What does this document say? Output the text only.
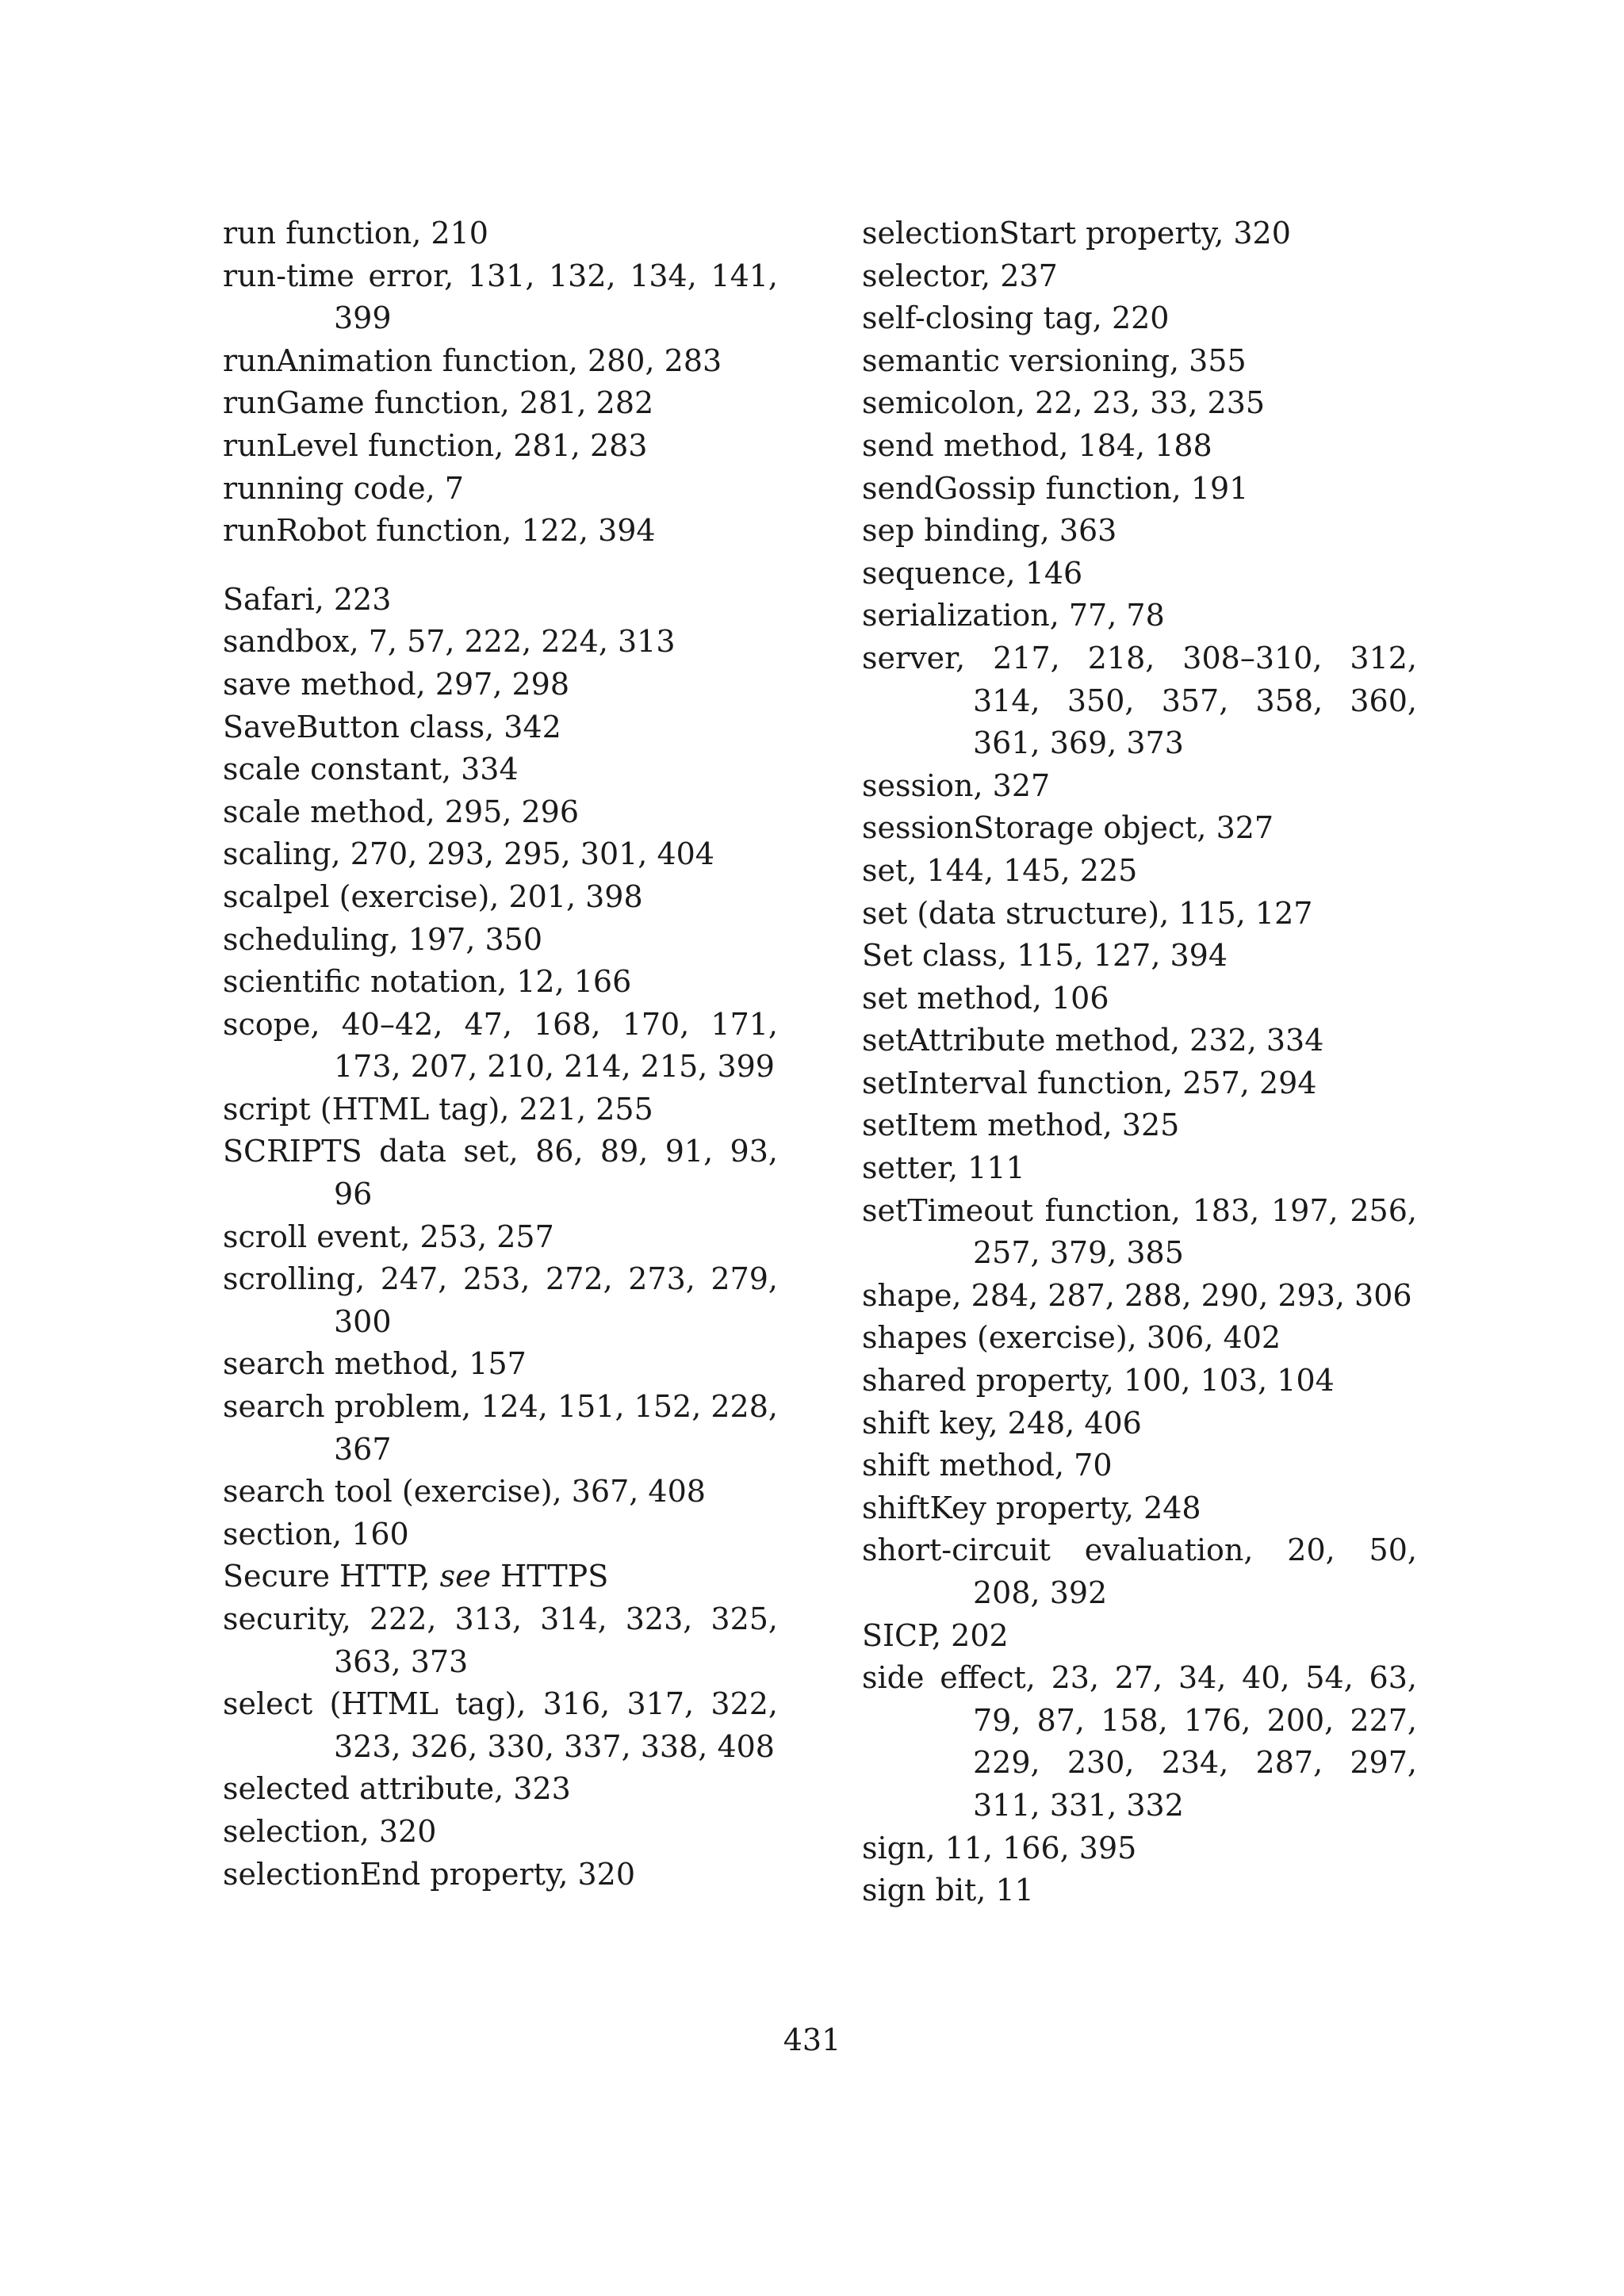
run function, 210
run-time error, 131, 132, 134, 141, 399
runAnimation function, 280, 283
runGame function, 281, 282
runLevel function, 281, 283
running code, 7
runRobot function, 122, 394
Safari, 223
sandbox, 7, 57, 222, 224, 313
save method, 297, 298
SaveButton class, 342
scale constant, 334
scale method, 295, 296
scaling, 270, 293, 295, 301, 404
scalpel (exercise), 201, 398
scheduling, 197, 350
scientific notation, 12, 166
scope, 40–42, 47, 168, 170, 171, 173, 207, 210, 214, 215, 399
script (HTML tag), 221, 255
SCRIPTS data set, 86, 89, 91, 93, 96
scroll event, 253, 257
scrolling, 247, 253, 272, 273, 279, 300
search method, 157
search problem, 124, 151, 152, 228, 367
search tool (exercise), 367, 408
section, 160
Secure HTTP, see HTTPS
security, 222, 313, 314, 323, 325, 363, 373
select (HTML tag), 316, 317, 322, 323, 326, 330, 337, 338, 408
selected attribute, 323
selection, 320
selectionEnd property, 320
selectionStart property, 320
selector, 237
self-closing tag, 220
semantic versioning, 355
semicolon, 22, 23, 33, 235
send method, 184, 188
sendGossip function, 191
sep binding, 363
sequence, 146
serialization, 77, 78
server, 217, 218, 308–310, 312, 314, 350, 357, 358, 360, 361, 369, 373
session, 327
sessionStorage object, 327
set, 144, 145, 225
set (data structure), 115, 127
Set class, 115, 127, 394
set method, 106
setAttribute method, 232, 334
setInterval function, 257, 294
setItem method, 325
setter, 111
setTimeout function, 183, 197, 256, 257, 379, 385
shape, 284, 287, 288, 290, 293, 306
shapes (exercise), 306, 402
shared property, 100, 103, 104
shift key, 248, 406
shift method, 70
shiftKey property, 248
short-circuit evaluation, 20, 50, 208, 392
SICP, 202
side effect, 23, 27, 34, 40, 54, 63, 79, 87, 158, 176, 200, 227, 229, 230, 234, 287, 297, 311, 331, 332
sign, 11, 166, 395
sign bit, 11
431
